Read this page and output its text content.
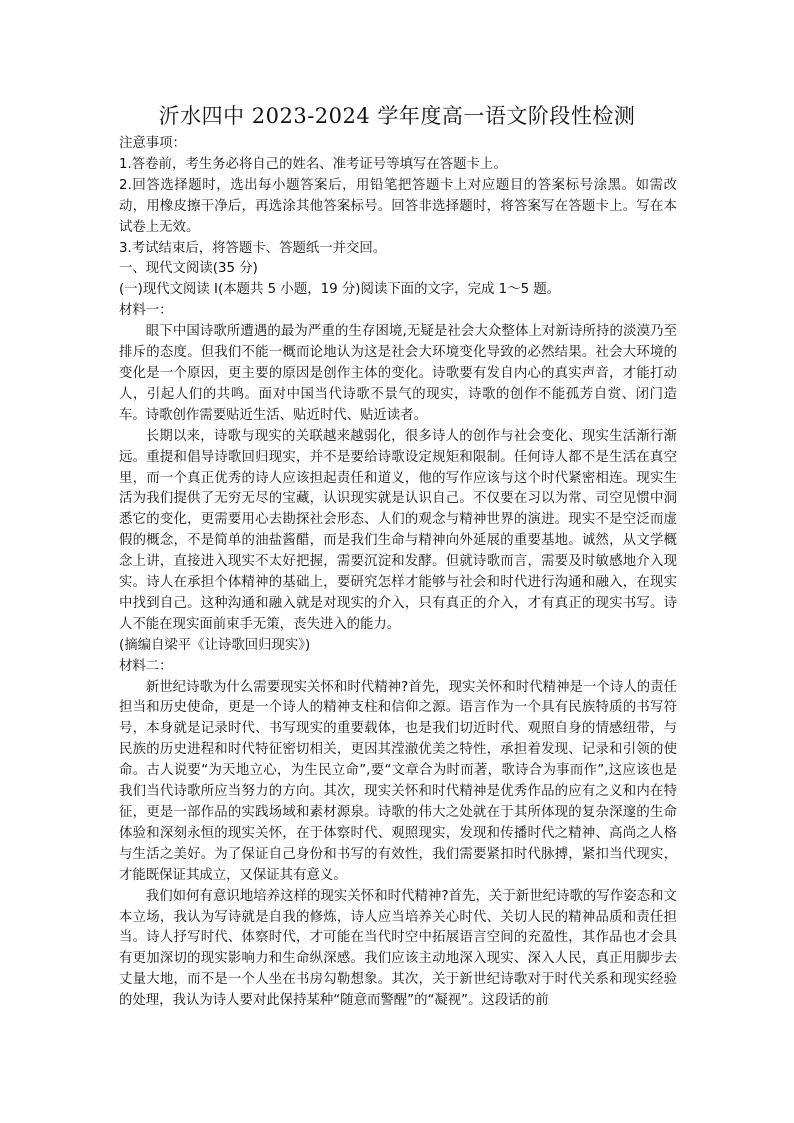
沂水四中 2023-2024 学年度高一语文阶段性检测

注意事项：

1.答卷前，考生务必将自己的姓名、准考证号等填写在答题卡上。

2.回答选择题时，选出每小题答案后，用铅笔把答题卡上对应题目的答案标号涂黑。如需改动，用橡皮擦干净后，再选涂其他答案标号。回答非选择题时，将答案写在答题卡上。写在本试卷上无效。

3.考试结束后，将答题卡、答题纸一并交回。

一、现代文阅读(35 分)

(一)现代文阅读 I(本题共 5 小题，19 分)阅读下面的文字，完成 1～5 题。

材料一：

眼下中国诗歌所遭遇的最为严重的生存困境,无疑是社会大众整体上对新诗所持的淡漠乃至排斥的态度。但我们不能一概而论地认为这是社会大环境变化导致的必然结果。社会大环境的变化是一个原因，更主要的原因是创作主体的变化。诗歌要有发自内心的真实声音，才能打动人，引起人们的共鸣。面对中国当代诗歌不景气的现实，诗歌的创作不能孤芳自赏、闭门造车。诗歌创作需要贴近生活、贴近时代、贴近读者。

长期以来，诗歌与现实的关联越来越弱化，很多诗人的创作与社会变化、现实生活渐行渐远。重提和倡导诗歌回归现实，并不是要给诗歌设定规矩和限制。任何诗人都不是生活在真空里，而一个真正优秀的诗人应该担起责任和道义，他的写作应该与这个时代紧密相连。现实生活为我们提供了无穷无尽的宝藏，认识现实就是认识自己。不仅要在习以为常、司空见惯中洞悉它的变化，更需要用心去勘探社会形态、人们的观念与精神世界的演进。现实不是空泛而虚假的概念，不是简单的油盐酱醋，而是我们生命与精神向外延展的重要基地。诚然，从文学概念上讲，直接进入现实不太好把握，需要沉淀和发酵。但就诗歌而言，需要及时敏感地介入现实。诗人在承担个体精神的基础上，要研究怎样才能够与社会和时代进行沟通和融入，在现实中找到自己。这种沟通和融入就是对现实的介入，只有真正的介入，才有真正的现实书写。诗人不能在现实面前束手无策，丧失进入的能力。

(摘编自梁平《让诗歌回归现实》)

材料二：

新世纪诗歌为什么需要现实关怀和时代精神?首先，现实关怀和时代精神是一个诗人的责任担当和历史使命，更是一个诗人的精神支柱和信仰之源。语言作为一个具有民族特质的书写符号，本身就是记录时代、书写现实的重要载体，也是我们切近时代、观照自身的情感纽带，与民族的历史进程和时代特征密切相关，更因其滢澈优美之特性，承担着发现、记录和引领的使命。古人说要“为天地立心，为生民立命”,要“文章合为时而著，歌诗合为事而作”,这应该也是我们当代诗歌所应当努力的方向。其次，现实关怀和时代精神是优秀作品的应有之义和内在特征，更是一部作品的实践场域和素材源泉。诗歌的伟大之处就在于其所体现的复杂深邃的生命体验和深刻永恒的现实关怀，在于体察时代、观照现实，发现和传播时代之精神、高尚之人格与生活之美好。为了保证自己身份和书写的有效性，我们需要紧扣时代脉搏，紧扣当代现实，才能既保证其成立，又保证其有意义。

我们如何有意识地培养这样的现实关怀和时代精神?首先，关于新世纪诗歌的写作姿态和文本立场，我认为写诗就是自我的修炼，诗人应当培养关心时代、关切人民的精神品质和责任担当。诗人抒写时代、体察时代，才可能在当代时空中拓展语言空间的充盈性，其作品也才会具有更加深切的现实影响力和生命纵深感。我们应该主动地深入现实、深入人民，真正用脚步去丈量大地，而不是一个人坐在书房勾勒想象。其次，关于新世纪诗歌对于时代关系和现实经验的处理，我认为诗人要对此保持某种“随意而警醒”的“凝视”。这段话的前
